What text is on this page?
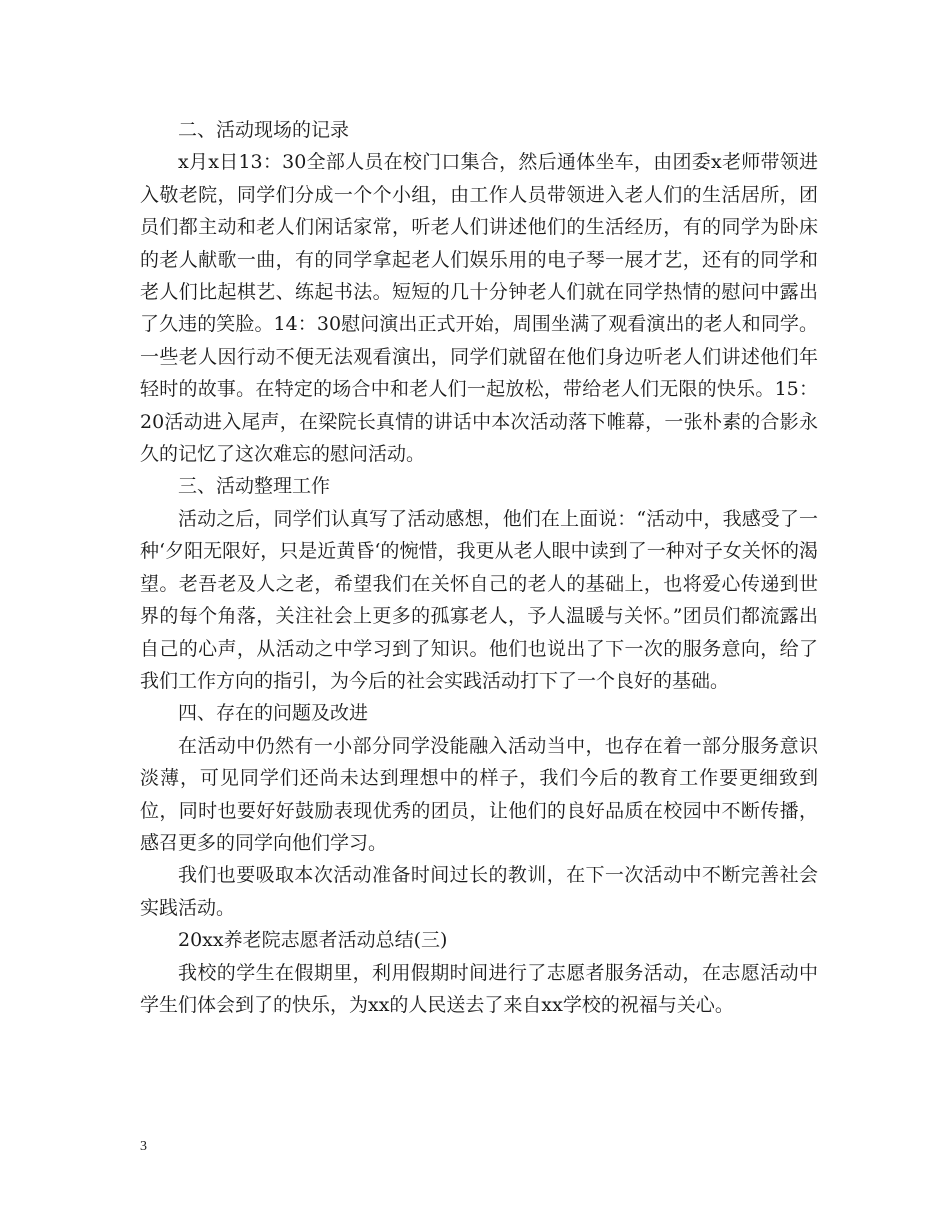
二、活动现场的记录

x月x日13：30全部人员在校门口集合，然后通体坐车，由团委x老师带领进入敬老院，同学们分成一个个小组，由工作人员带领进入老人们的生活居所，团员们都主动和老人们闲话家常，听老人们讲述他们的生活经历，有的同学为卧床的老人献歌一曲，有的同学拿起老人们娱乐用的电子琴一展才艺，还有的同学和老人们比起棋艺、练起书法。短短的几十分钟老人们就在同学热情的慰问中露出了久违的笑脸。14：30慰问演出正式开始，周围坐满了观看演出的老人和同学。一些老人因行动不便无法观看演出，同学们就留在他们身边听老人们讲述他们年轻时的故事。在特定的场合中和老人们一起放松，带给老人们无限的快乐。15：20活动进入尾声，在梁院长真情的讲话中本次活动落下帷幕，一张朴素的合影永久的记忆了这次难忘的慰问活动。

三、活动整理工作

活动之后，同学们认真写了活动感想，他们在上面说：“活动中，我感受了一种‘夕阳无限好，只是近黄昏‘的惋惜，我更从老人眼中读到了一种对子女关怀的渴望。老吾老及人之老，希望我们在关怀自己的老人的基础上，也将爱心传递到世界的每个角落，关注社会上更多的孤寡老人，予人温暖与关怀。”团员们都流露出自己的心声，从活动之中学习到了知识。他们也说出了下一次的服务意向，给了我们工作方向的指引，为今后的社会实践活动打下了一个良好的基础。

四、存在的问题及改进

在活动中仍然有一小部分同学没能融入活动当中，也存在着一部分服务意识淡薄，可见同学们还尚未达到理想中的样子，我们今后的教育工作要更细致到位，同时也要好好鼓励表现优秀的团员，让他们的良好品质在校园中不断传播，感召更多的同学向他们学习。

我们也要吸取本次活动准备时间过长的教训，在下一次活动中不断完善社会实践活动。

20xx养老院志愿者活动总结(三)

我校的学生在假期里，利用假期时间进行了志愿者服务活动，在志愿活动中学生们体会到了的快乐，为xx的人民送去了来自xx学校的祝福与关心。

3
